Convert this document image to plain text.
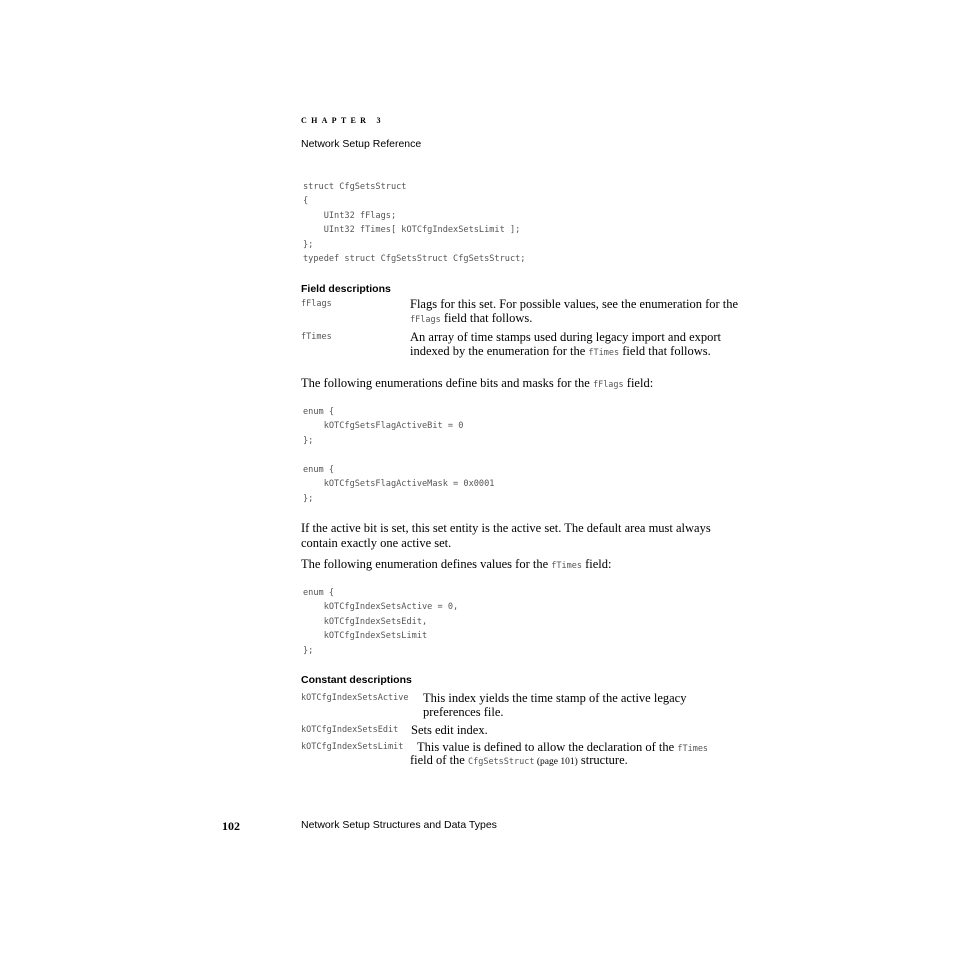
CHAPTER 3
Network Setup Reference
struct CfgSetsStruct
{
UInt32 fFlags;
UInt32 fTimes[ kOTCfgIndexSetsLimit ];
};
typedef struct CfgSetsStruct CfgSetsStruct;
Field descriptions
fFlags	Flags for this set. For possible values, see the enumeration for the fFlags field that follows.
fTimes	An array of time stamps used during legacy import and export indexed by the enumeration for the fTimes field that follows.
The following enumerations define bits and masks for the fFlags field:
enum {
kOTCfgSetsFlagActiveBit = 0
};
enum {
kOTCfgSetsFlagActiveMask = 0x0001
};
If the active bit is set, this set entity is the active set. The default area must always contain exactly one active set.
The following enumeration defines values for the fTimes field:
enum {
kOTCfgIndexSetsActive = 0,
kOTCfgIndexSetsEdit,
kOTCfgIndexSetsLimit
};
Constant descriptions
kOTCfgIndexSetsActive This index yields the time stamp of the active legacy preferences file.
kOTCfgIndexSetsEdit Sets edit index.
kOTCfgIndexSetsLimit This value is defined to allow the declaration of the fTimes
field of the CfgSetsStruct (page 101) structure.
102	Network Setup Structures and Data Types
